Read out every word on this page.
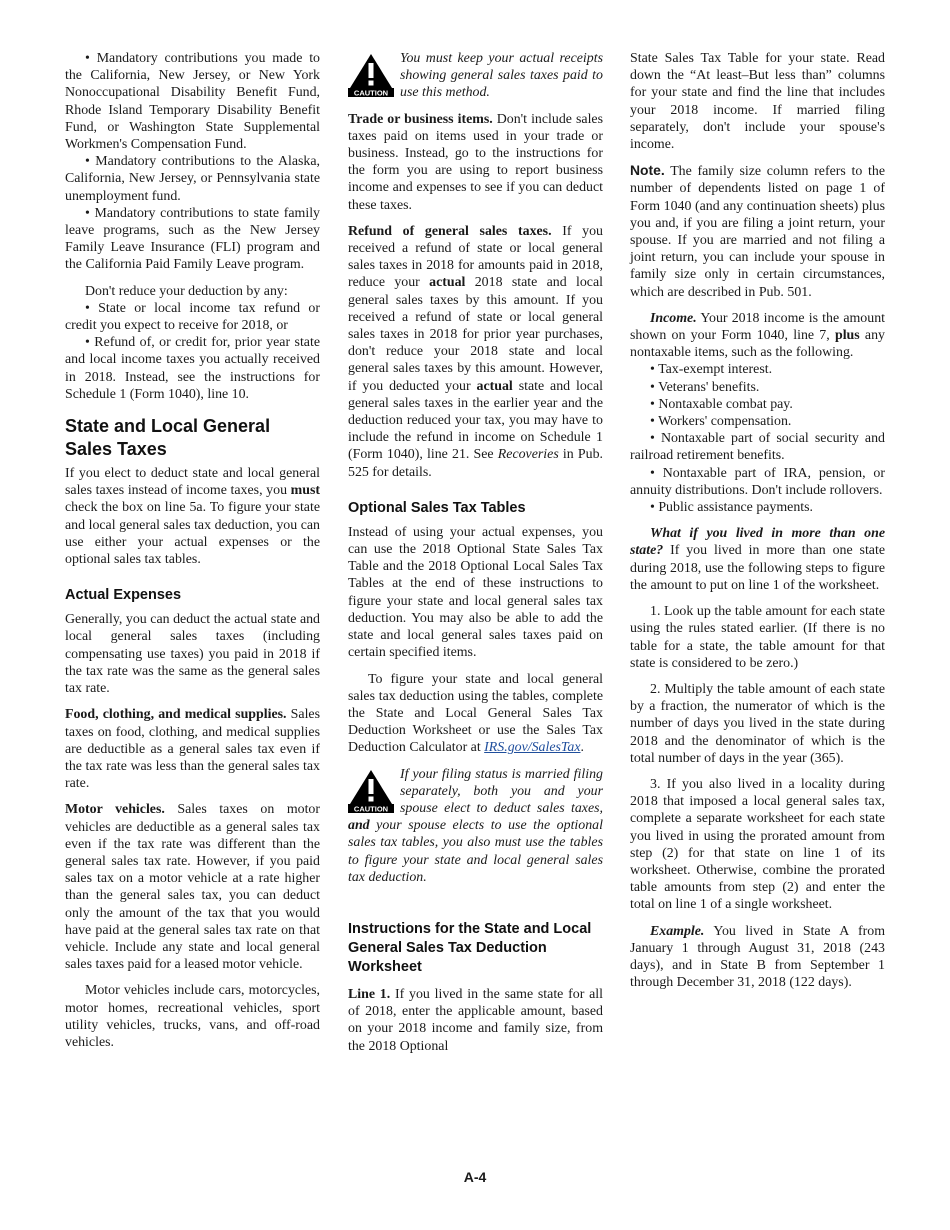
• Mandatory contributions you made to the California, New Jersey, or New York Nonoccupational Disability Benefit Fund, Rhode Island Temporary Disability Benefit Fund, or Washington State Supplemental Workmen's Compensation Fund.

• Mandatory contributions to the Alaska, California, New Jersey, or Pennsylvania state unemployment fund.

• Mandatory contributions to state family leave programs, such as the New Jersey Family Leave Insurance (FLI) program and the California Paid Family Leave program.

Don't reduce your deduction by any:

• State or local income tax refund or credit you expect to receive for 2018, or

• Refund of, or credit for, prior year state and local income taxes you actually received in 2018. Instead, see the instructions for Schedule 1 (Form 1040), line 10.

State and Local General Sales Taxes

If you elect to deduct state and local general sales taxes instead of income taxes, you must check the box on line 5a. To figure your state and local general sales tax deduction, you can use either your actual expenses or the optional sales tax tables.

Actual Expenses

Generally, you can deduct the actual state and local general sales taxes (including compensating use taxes) you paid in 2018 if the tax rate was the same as the general sales tax rate.

Food, clothing, and medical supplies. Sales taxes on food, clothing, and medical supplies are deductible as a general sales tax even if the tax rate was less than the general sales tax rate.

Motor vehicles. Sales taxes on motor vehicles are deductible as a general sales tax even if the tax rate was different than the general sales tax rate. However, if you paid sales tax on a motor vehicle at a rate higher than the general sales tax, you can deduct only the amount of the tax that you would have paid at the general sales tax rate on that vehicle. Include any state and local general sales taxes paid for a leased motor vehicle.

Motor vehicles include cars, motorcycles, motor homes, recreational vehicles, sport utility vehicles, trucks, vans, and off-road vehicles.

CAUTION
You must keep your actual receipts showing general sales taxes paid to use this method.

Trade or business items. Don't include sales taxes paid on items used in your trade or business. Instead, go to the instructions for the form you are using to report business income and expenses to see if you can deduct these taxes.

Refund of general sales taxes. If you received a refund of state or local general sales taxes in 2018 for amounts paid in 2018, reduce your actual 2018 state and local general sales taxes by this amount. If you received a refund of state or local general sales taxes in 2018 for prior year purchases, don't reduce your 2018 state and local general sales taxes by this amount. However, if you deducted your actual state and local general sales taxes in the earlier year and the deduction reduced your tax, you may have to include the refund in income on Schedule 1 (Form 1040), line 21. See Recoveries in Pub. 525 for details.

Optional Sales Tax Tables

Instead of using your actual expenses, you can use the 2018 Optional State Sales Tax Table and the 2018 Optional Local Sales Tax Tables at the end of these instructions to figure your state and local general sales tax deduction. You may also be able to add the state and local general sales taxes paid on certain specified items.

To figure your state and local general sales tax deduction using the tables, complete the State and Local General Sales Tax Deduction Worksheet or use the Sales Tax Deduction Calculator at IRS.gov/SalesTax.

CAUTION
If your filing status is married filing separately, both you and your spouse elect to deduct sales taxes, and your spouse elects to use the optional sales tax tables, you also must use the tables to figure your state and local general sales tax deduction.
Instructions for the State and Local General Sales Tax Deduction Worksheet

Line 1. If you lived in the same state for all of 2018, enter the applicable amount, based on your 2018 income and family size, from the 2018 Optional

State Sales Tax Table for your state. Read down the “At least–But less than” columns for your state and find the line that includes your 2018 income. If married filing separately, don't include your spouse's income.

Note. The family size column refers to the number of dependents listed on page 1 of Form 1040 (and any continuation sheets) plus you and, if you are filing a joint return, your spouse. If you are married and not filing a joint return, you can include your spouse in family size only in certain circumstances, which are described in Pub. 501.

Income. Your 2018 income is the amount shown on your Form 1040, line 7, plus any nontaxable items, such as the following.

• Tax-exempt interest.

• Veterans' benefits.

• Nontaxable combat pay.

• Workers' compensation.

• Nontaxable part of social security and railroad retirement benefits.

• Nontaxable part of IRA, pension, or annuity distributions. Don't include rollovers.

• Public assistance payments.

What if you lived in more than one state? If you lived in more than one state during 2018, use the following steps to figure the amount to put on line 1 of the worksheet.

1. Look up the table amount for each state using the rules stated earlier. (If there is no table for a state, the table amount for that state is considered to be zero.)

2. Multiply the table amount of each state by a fraction, the numerator of which is the number of days you lived in the state during 2018 and the denominator of which is the total number of days in the year (365).

3. If you also lived in a locality during 2018 that imposed a local general sales tax, complete a separate worksheet for each state you lived in using the prorated amount from step (2) for that state on line 1 of its worksheet. Otherwise, combine the prorated table amounts from step (2) and enter the total on line 1 of a single worksheet.

Example. You lived in State A from January 1 through August 31, 2018 (243 days), and in State B from September 1 through December 31, 2018 (122 days).

A-4
